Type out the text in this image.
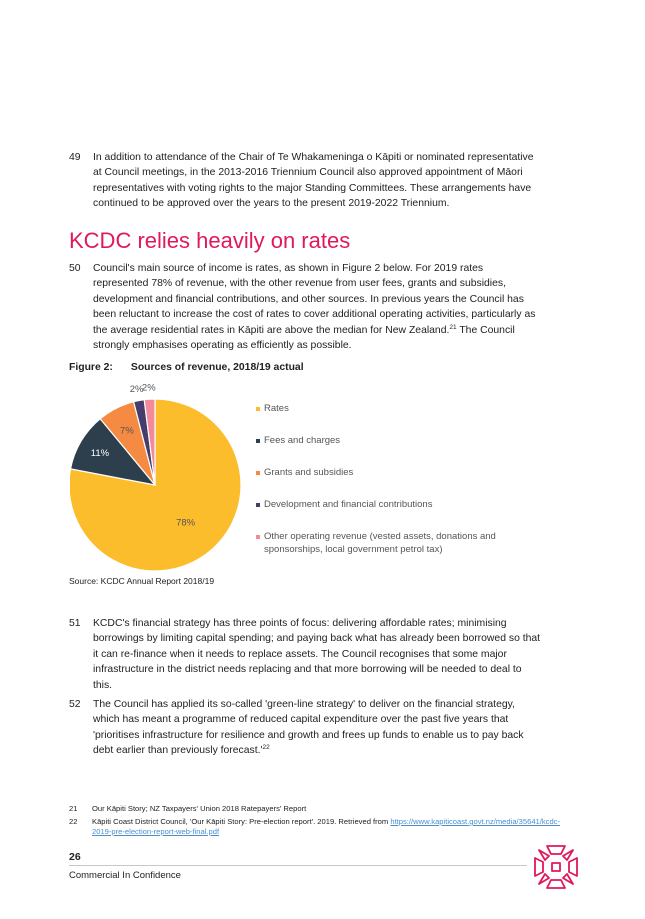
49 In addition to attendance of the Chair of Te Whakameninga o Kāpiti or nominated representative
at Council meetings, in the 2013-2016 Triennium Council also approved appointment of Māori
representatives with voting rights to the major Standing Committees. These arrangements have
continued to be approved over the years to the present 2019-2022 Triennium.
KCDC relies heavily on rates
50 Council's main source of income is rates, as shown in Figure 2 below. For 2019 rates
represented 78% of revenue, with the other revenue from user fees, grants and subsidies,
development and financial contributions, and other sources. In previous years the Council has
been reluctant to increase the cost of rates to cover additional operating activities, particularly as
the average residential rates in Kāpiti are above the median for New Zealand.$^{21}$ The Council
strongly emphasises operating as efficiently as possible.
Figure 2: Sources of revenue, 2018/19 actual
78%
11%
7%
2%
2%
Rates
Fees and charges
Grants and subsidies
Development and financial contributions
Other operating revenue (vested assets, donations and sponsorships, local government petrol tax)
Source: KCDC Annual Report 2018/19
51 KCDC's financial strategy has three points of focus: delivering affordable rates; minimising
borrowings by limiting capital spending; and paying back what has already been borrowed so that
it can re-finance when it needs to replace assets. The Council recognises that some major
infrastructure in the district needs replacing and that more borrowing will be needed to deal to
this.
52 The Council has applied its so-called 'green-line strategy' to deliver on the financial strategy,
which has meant a programme of reduced capital expenditure over the past five years that
'prioritises infrastructure for resilience and growth and frees up funds to enable us to pay back
debt earlier than previously $forecast.'^{22}$
21 Our Kāpiti Story; NZ Taxpayers' Union 2018 Ratepayers' Report
22 Kāpiti Coast District Council, 'Our Kāpiti Story: Pre-election report'. 2019. Retrieved from https://www.kapiticoast.govt.nz/media/35641/kcdc-2019-pre-election-report-web-final.pdf
26
Commercial In Confidence
